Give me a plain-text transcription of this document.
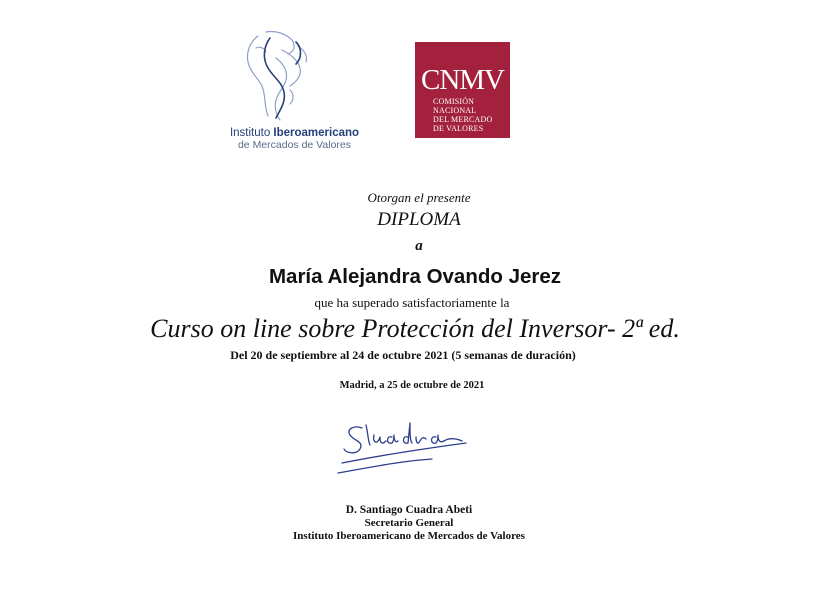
Instituto Iberoamericano
de Mercados de Valores
CNMV
COMISIÓN
NACIONAL
DEL MERCADO
DE VALORES
Otorgan el presente
DIPLOMA
a
María Alejandra Ovando Jerez
que ha superado satisfactoriamente la
Curso on line sobre Protección del Inversor- 2ª ed.
Del 20 de septiembre al 24 de octubre 2021 (5 semanas de duración)
Madrid, a 25 de octubre de 2021
D. Santiago Cuadra Abeti
Secretario General
Instituto Iberoamericano de Mercados de Valores
